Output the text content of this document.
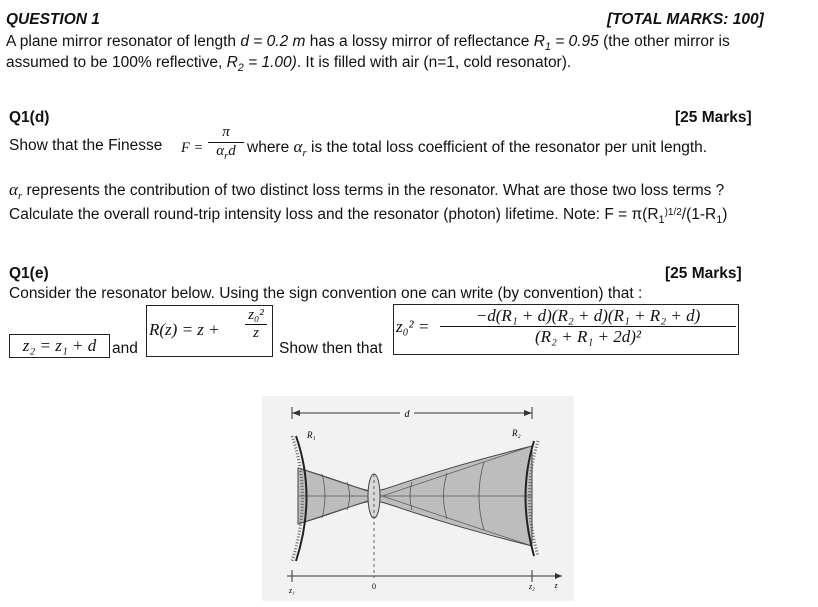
QUESTION 1	[TOTAL MARKS: 100]
A plane mirror resonator of length d = 0.2 m has a lossy mirror of reflectance $R_1 = 0.95$ (the other mirror is
assumed to be 100% reflective, $R_2 = 1.00$). It is filled with air (n=1, cold resonator).
Q1(d)	[25 Marks]
Show that the Finesse F =
π
$\alpha_rd$ where $\alpha_r$ is the total loss coefficient of the resonator per unit length.
$\alpha_r$ represents the contribution of two distinct loss terms in the resonator. What are those two loss terms ?
Calculate the overall round-trip intensity loss and the resonator (photon) lifetime. Note: $F = \pi(R_1^{)1/2}/(1-R_1)$
Q1(e)	[25 Marks]
Consider the resonator below. Using the sign convention one can write (by convention) that :
z₂ = z₁ + d	and
R(z) = z +
z₀²
z
Show then that
z₀² =
−d(R₁ + d)(R₂ + d)(R₁ + R₂ + d)
(R₂ + R₁ + 2d)²
d
R₁	R₂
z₁	0	z₂ z
